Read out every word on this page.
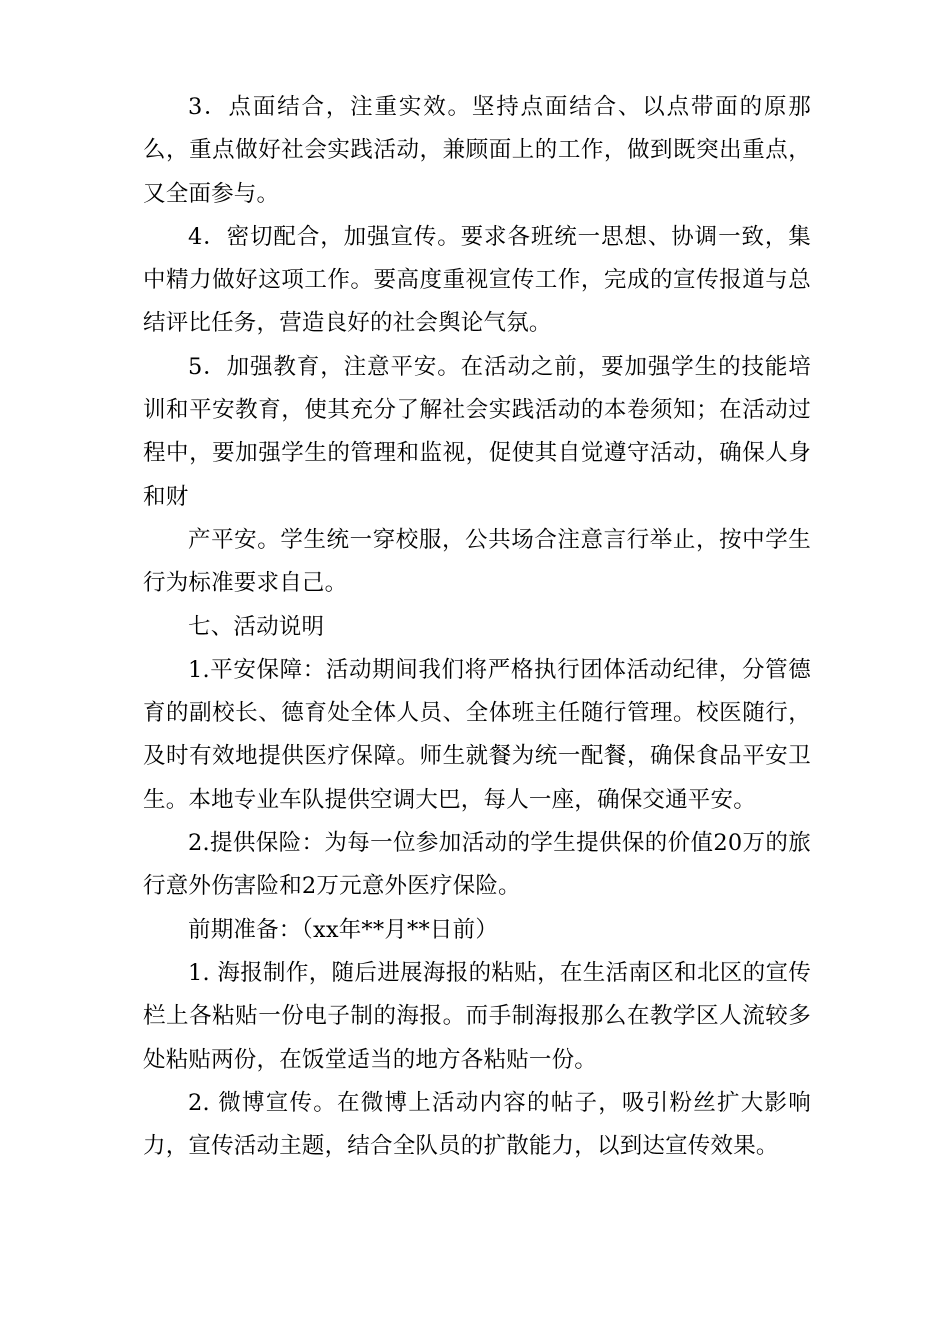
3．点面结合，注重实效。坚持点面结合、以点带面的原那么，重点做好社会实践活动，兼顾面上的工作，做到既突出重点，又全面参与。

4．密切配合，加强宣传。要求各班统一思想、协调一致，集中精力做好这项工作。要高度重视宣传工作，完成的宣传报道与总结评比任务，营造良好的社会舆论气氛。

5．加强教育，注意平安。在活动之前，要加强学生的技能培训和平安教育，使其充分了解社会实践活动的本卷须知；在活动过程中，要加强学生的管理和监视，促使其自觉遵守活动，确保人身和财

产平安。学生统一穿校服，公共场合注意言行举止，按中学生行为标准要求自己。

七、活动说明

1.平安保障：活动期间我们将严格执行团体活动纪律，分管德育的副校长、德育处全体人员、全体班主任随行管理。校医随行，及时有效地提供医疗保障。师生就餐为统一配餐，确保食品平安卫生。本地专业车队提供空调大巴，每人一座，确保交通平安。

2.提供保险：为每一位参加活动的学生提供保的价值20万的旅行意外伤害险和2万元意外医疗保险。

前期准备：（xx年**月**日前）

1. 海报制作，随后进展海报的粘贴，在生活南区和北区的宣传栏上各粘贴一份电子制的海报。而手制海报那么在教学区人流较多处粘贴两份，在饭堂适当的地方各粘贴一份。

2. 微博宣传。在微博上活动内容的帖子，吸引粉丝扩大影响力，宣传活动主题，结合全队员的扩散能力，以到达宣传效果。
